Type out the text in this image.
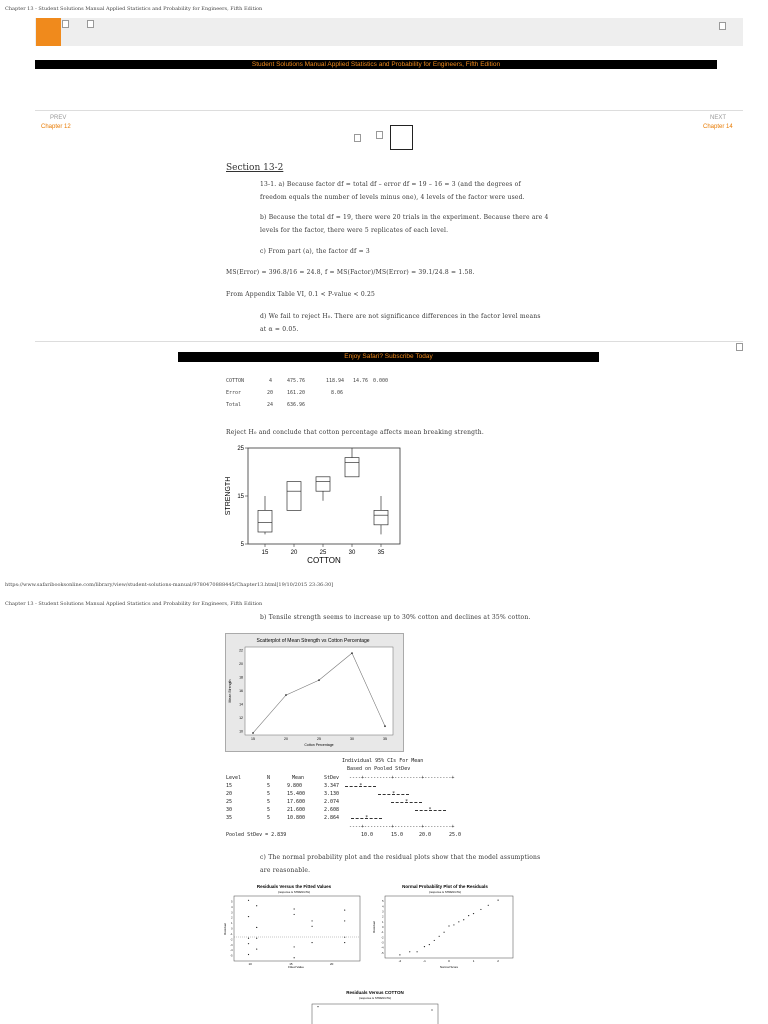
Chapter 13 - Student Solutions Manual Applied Statistics and Probability for Engineers, Fifth Edition
Student Solutions Manual Applied Statistics and Probability for Engineers, Fifth Edition
PREV
Chapter 12
NEXT
Chapter 14
Section 13-2
13-1. a) Because factor df = total df – error df = 19 – 16 = 3 (and the degrees of freedom equals the number of levels minus one), 4 levels of the factor were used.
b) Because the total df = 19, there were 20 trials in the experiment. Because there are 4 levels for the factor, there were 5 replicates of each level.
c) From part (a), the factor df = 3
MS(Error) = 396.8/16 = 24.8, f = MS(Factor)/MS(Error) = 39.1/24.8 = 1.58.
From Appendix Table VI, 0.1 < P-value < 0.25
d) We fail to reject H₀. There are not significance differences in the factor level means at α = 0.05.
Enjoy Safari? Subscribe Today
COTTON	4	475.76	118.94 14.76 0.000
Error	20	161.20	8.06
Total	24	636.96
Reject H₀ and conclude that cotton percentage affects mean breaking strength.
15	20	25	30	35
5
15
25
COTTON
STRENGTH
https://www.safaribooksonline.com/library/view/student-solutions-manual/9780470888445/Chapter13.html[19/10/2015 23:36:30]
Chapter 13 - Student Solutions Manual Applied Statistics and Probability for Engineers, Fifth Edition
b) Tensile strength seems to increase up to 30% cotton and declines at 35% cotton.
Scatterplot of Mean Strength vs Cotton Percentage
15	20	25	30	35
10
12
14
16
18
20
22
Cotton Percentage
Mean Strength
Individual 95% CIs For Mean
Based on Pooled StDev
Level	N	Mean	StDev ----+---------+---------+---------+
15	5	9.800	3.347	*
20	5	15.400	3.130	*
25	5	17.600	2.074	*
30	5	21.600	2.608	*
35	5	10.800	2.864	*
----+---------+---------+---------+
Pooled StDev = 2.839	10.0	15.0	20.0	25.0
c) The normal probability plot and the residual plots show that the model assumptions are reasonable.
Residuals Versus the Fitted Values
(response is STRENGTH)
10	15	20
-5
-4
-3
-2
-1
0
1
2
3
4
5
Fitted Value
Residual
Normal Probability Plot of the Residuals
(response is STRENGTH)
-2	-1	0	1	2
-5
-4
-3
-2
-1
0
1
2
3
4
5
Normal Score
Residual
Residuals Versus COTTON
(response is STRENGTH)
